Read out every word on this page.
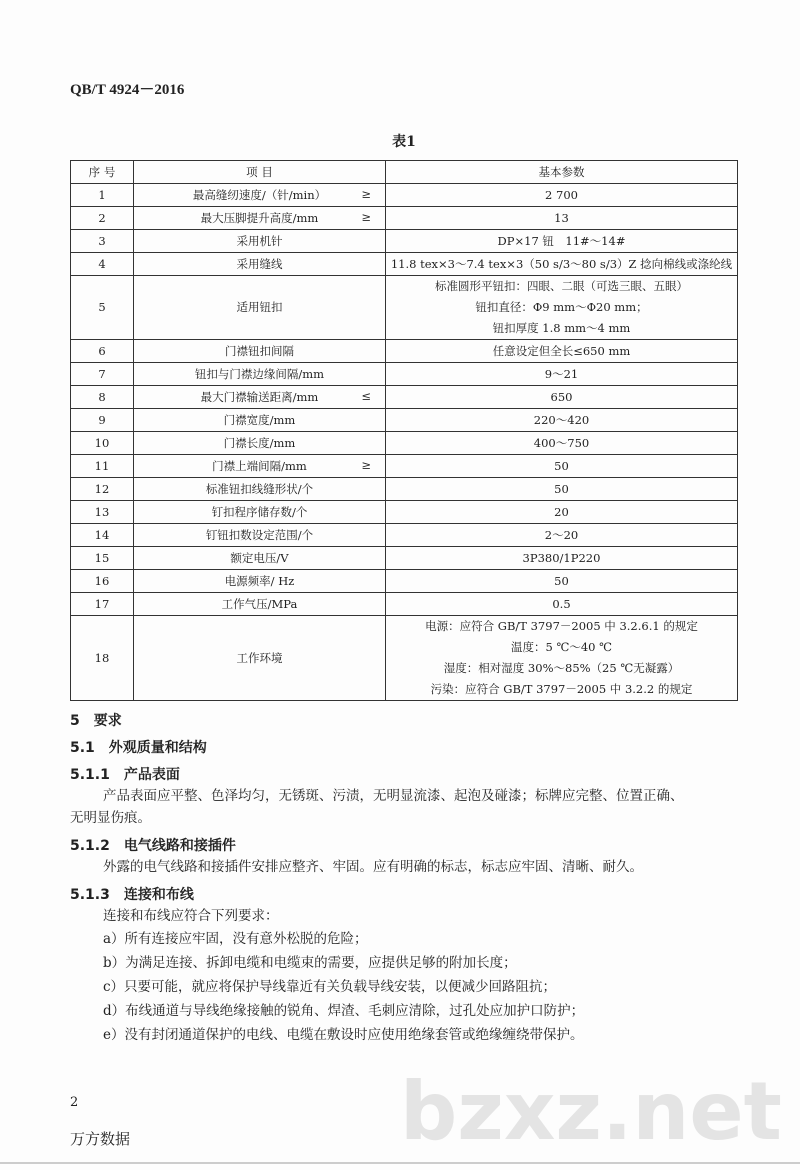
QB/T 4924－2016
bzxz.net
表1
序 号	项 目	基本参数
1	最高缝纫速度/（针/min） ≥	2 700

2	最大压脚提升高度/mm ≥	13

3	采用机针	DP×17 钮　11#～14#

4	采用缝线	11.8 tex×3～7.4 tex×3（50 s/3～80 s/3）Z 捻向棉线或涤纶线

5	适用钮扣	标准圆形平钮扣：四眼、二眼（可选三眼、五眼）
钮扣直径：Φ9 mm～Φ20 mm；
钮扣厚度 1.8 mm～4 mm

6	门襟钮扣间隔	任意设定但全长≤650 mm

7	钮扣与门襟边缘间隔/mm	9～21

8	最大门襟输送距离/mm ≤	650

9	门襟宽度/mm	220～420

10	门襟长度/mm	400～750

11	门襟上端间隔/mm ≥	50

12	标准钮扣线缝形状/个	50

13	钉扣程序储存数/个	20

14	钉钮扣数设定范围/个	2～20

15	额定电压/V	3P380/1P220

16	电源频率/ Hz	50

17	工作气压/MPa	0.5

18	工作环境	电源：应符合 GB/T 3797－2005 中 3.2.6.1 的规定
温度：5 ℃～40 ℃
湿度：相对湿度 30%～85%（25 ℃无凝露）
污染：应符合 GB/T 3797－2005 中 3.2.2 的规定
5　要求
5.1　外观质量和结构
5.1.1　产品表面
产品表面应平整、色泽均匀，无锈斑、污渍，无明显流漆、起泡及碰漆；标牌应完整、位置正确、
无明显伤痕。
5.1.2　电气线路和接插件
外露的电气线路和接插件安排应整齐、牢固。应有明确的标志，标志应牢固、清晰、耐久。
5.1.3　连接和布线
连接和布线应符合下列要求：
a）所有连接应牢固，没有意外松脱的危险；
b）为满足连接、拆卸电缆和电缆束的需要，应提供足够的附加长度；
c）只要可能，就应将保护导线靠近有关负载导线安装，以便减少回路阻抗；
d）布线通道与导线绝缘接触的锐角、焊渣、毛刺应清除，过孔处应加护口防护；
e）没有封闭通道保护的电线、电缆在敷设时应使用绝缘套管或绝缘缠绕带保护。
2
万方数据
